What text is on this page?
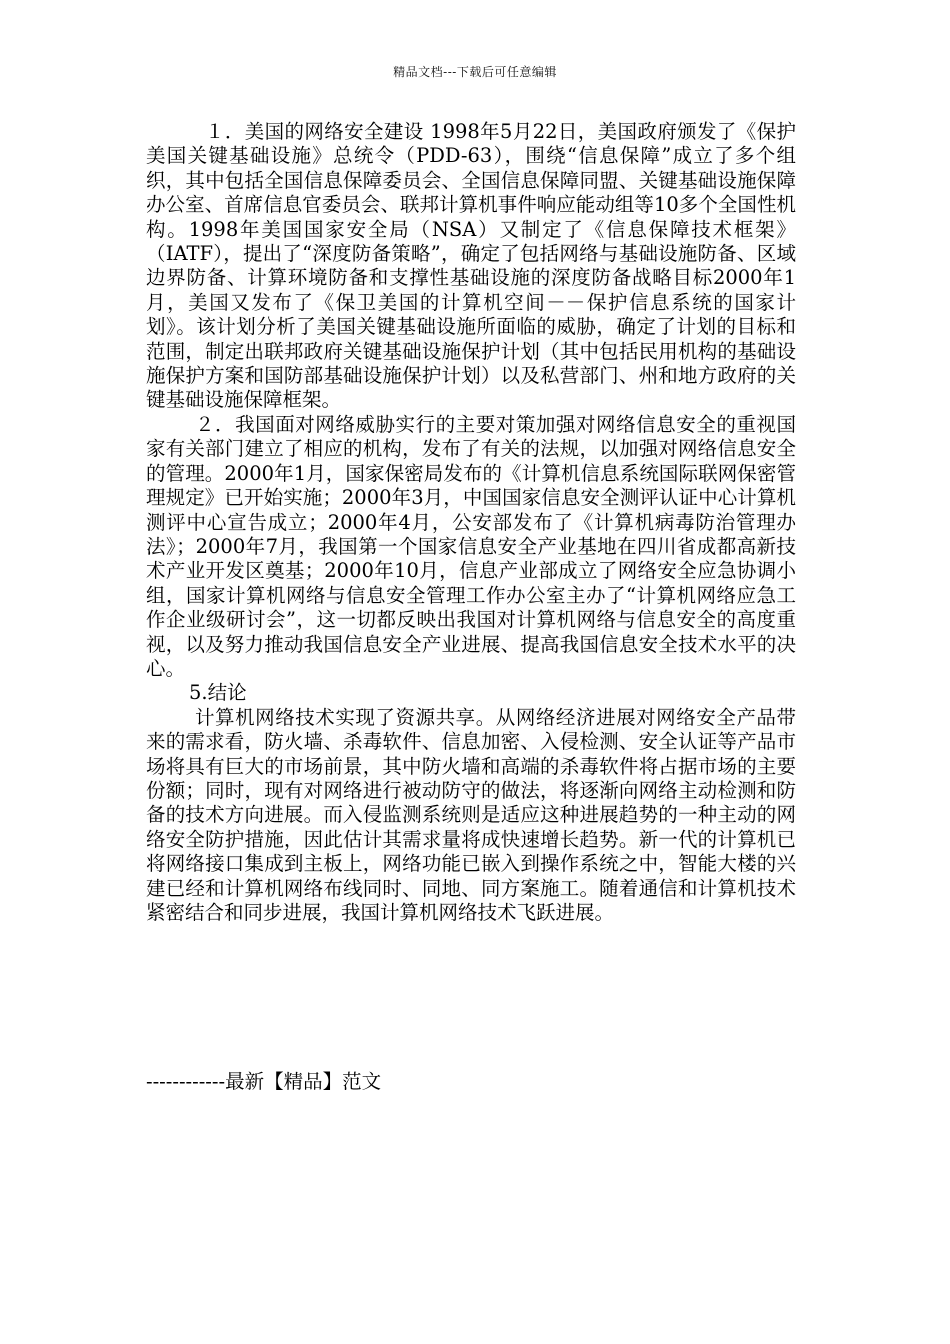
精品文档---下载后可任意编辑

１．美国的网络安全建设 1998年5月22日，美国政府颁发了《保护美国关键基础设施》总统令（PDD-63），围绕“信息保障”成立了多个组织，其中包括全国信息保障委员会、全国信息保障同盟、关键基础设施保障办公室、首席信息官委员会、联邦计算机事件响应能动组等10多个全国性机构。1998年美国国家安全局（NSA）又制定了《信息保障技术框架》（IATF），提出了“深度防备策略”，确定了包括网络与基础设施防备、区域边界防备、计算环境防备和支撑性基础设施的深度防备战略目标2000年1月，美国又发布了《保卫美国的计算机空间－－保护信息系统的国家计划》。该计划分析了美国关键基础设施所面临的威胁，确定了计划的目标和范围，制定出联邦政府关键基础设施保护计划（其中包括民用机构的基础设施保护方案和国防部基础设施保护计划）以及私营部门、州和地方政府的关键基础设施保障框架。

２．我国面对网络威胁实行的主要对策加强对网络信息安全的重视国家有关部门建立了相应的机构，发布了有关的法规，以加强对网络信息安全的管理。2000年1月，国家保密局发布的《计算机信息系统国际联网保密管理规定》已开始实施；2000年3月，中国国家信息安全测评认证中心计算机测评中心宣告成立；2000年4月，公安部发布了《计算机病毒防治管理办法》；2000年7月，我国第一个国家信息安全产业基地在四川省成都高新技术产业开发区奠基；2000年10月，信息产业部成立了网络安全应急协调小组，国家计算机网络与信息安全管理工作办公室主办了“计算机网络应急工作企业级研讨会”，这一切都反映出我国对计算机网络与信息安全的高度重视，以及努力推动我国信息安全产业进展、提高我国信息安全技术水平的决心。

5.结论

计算机网络技术实现了资源共享。从网络经济进展对网络安全产品带来的需求看，防火墙、杀毒软件、信息加密、入侵检测、安全认证等产品市场将具有巨大的市场前景，其中防火墙和高端的杀毒软件将占据市场的主要份额；同时，现有对网络进行被动防守的做法，将逐渐向网络主动检测和防备的技术方向进展。而入侵监测系统则是适应这种进展趋势的一种主动的网络安全防护措施，因此估计其需求量将成快速增长趋势。新一代的计算机已将网络接口集成到主板上，网络功能已嵌入到操作系统之中，智能大楼的兴建已经和计算机网络布线同时、同地、同方案施工。随着通信和计算机技术紧密结合和同步进展，我国计算机网络技术飞跃进展。

------------最新【精品】范文
